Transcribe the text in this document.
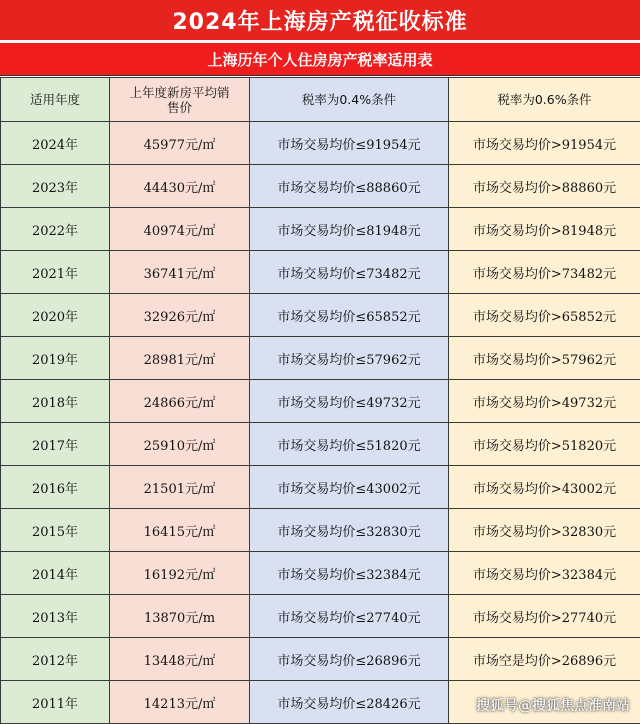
2024年上海房产税征收标准
上海历年个人住房房产税率适用表
适用年度	上年度新房平均销售价	税率为0.4%条件	税率为0.6%条件
2024年	45977元/㎡	市场交易均价≤91954元	市场交易均价>91954元
2023年	44430元/㎡	市场交易均价≤88860元	市场交易均价>88860元
2022年	40974元/㎡	市场交易均价≤81948元	市场交易均价>81948元
2021年	36741元/㎡	市场交易均价≤73482元	市场交易均价>73482元
2020年	32926元/㎡	市场交易均价≤65852元	市场交易均价>65852元
2019年	28981元/㎡	市场交易均价≤57962元	市场交易均价>57962元
2018年	24866元/㎡	市场交易均价≤49732元	市场交易均价>49732元
2017年	25910元/㎡	市场交易均价≤51820元	市场交易均价>51820元
2016年	21501元/㎡	市场交易均价≤43002元	市场交易均价>43002元
2015年	16415元/㎡	市场交易均价≤32830元	市场交易均价>32830元
2014年	16192元/㎡	市场交易均价≤32384元	市场交易均价>32384元
2013年	13870元/m	市场交易均价≤27740元	市场交易均价>27740元
2012年	13448元/㎡	市场交易均价≤26896元	市场空是均价>26896元
2011年	14213元/㎡	市场交易均价≤28426元		搜狐号@搜狐焦点淮南站
